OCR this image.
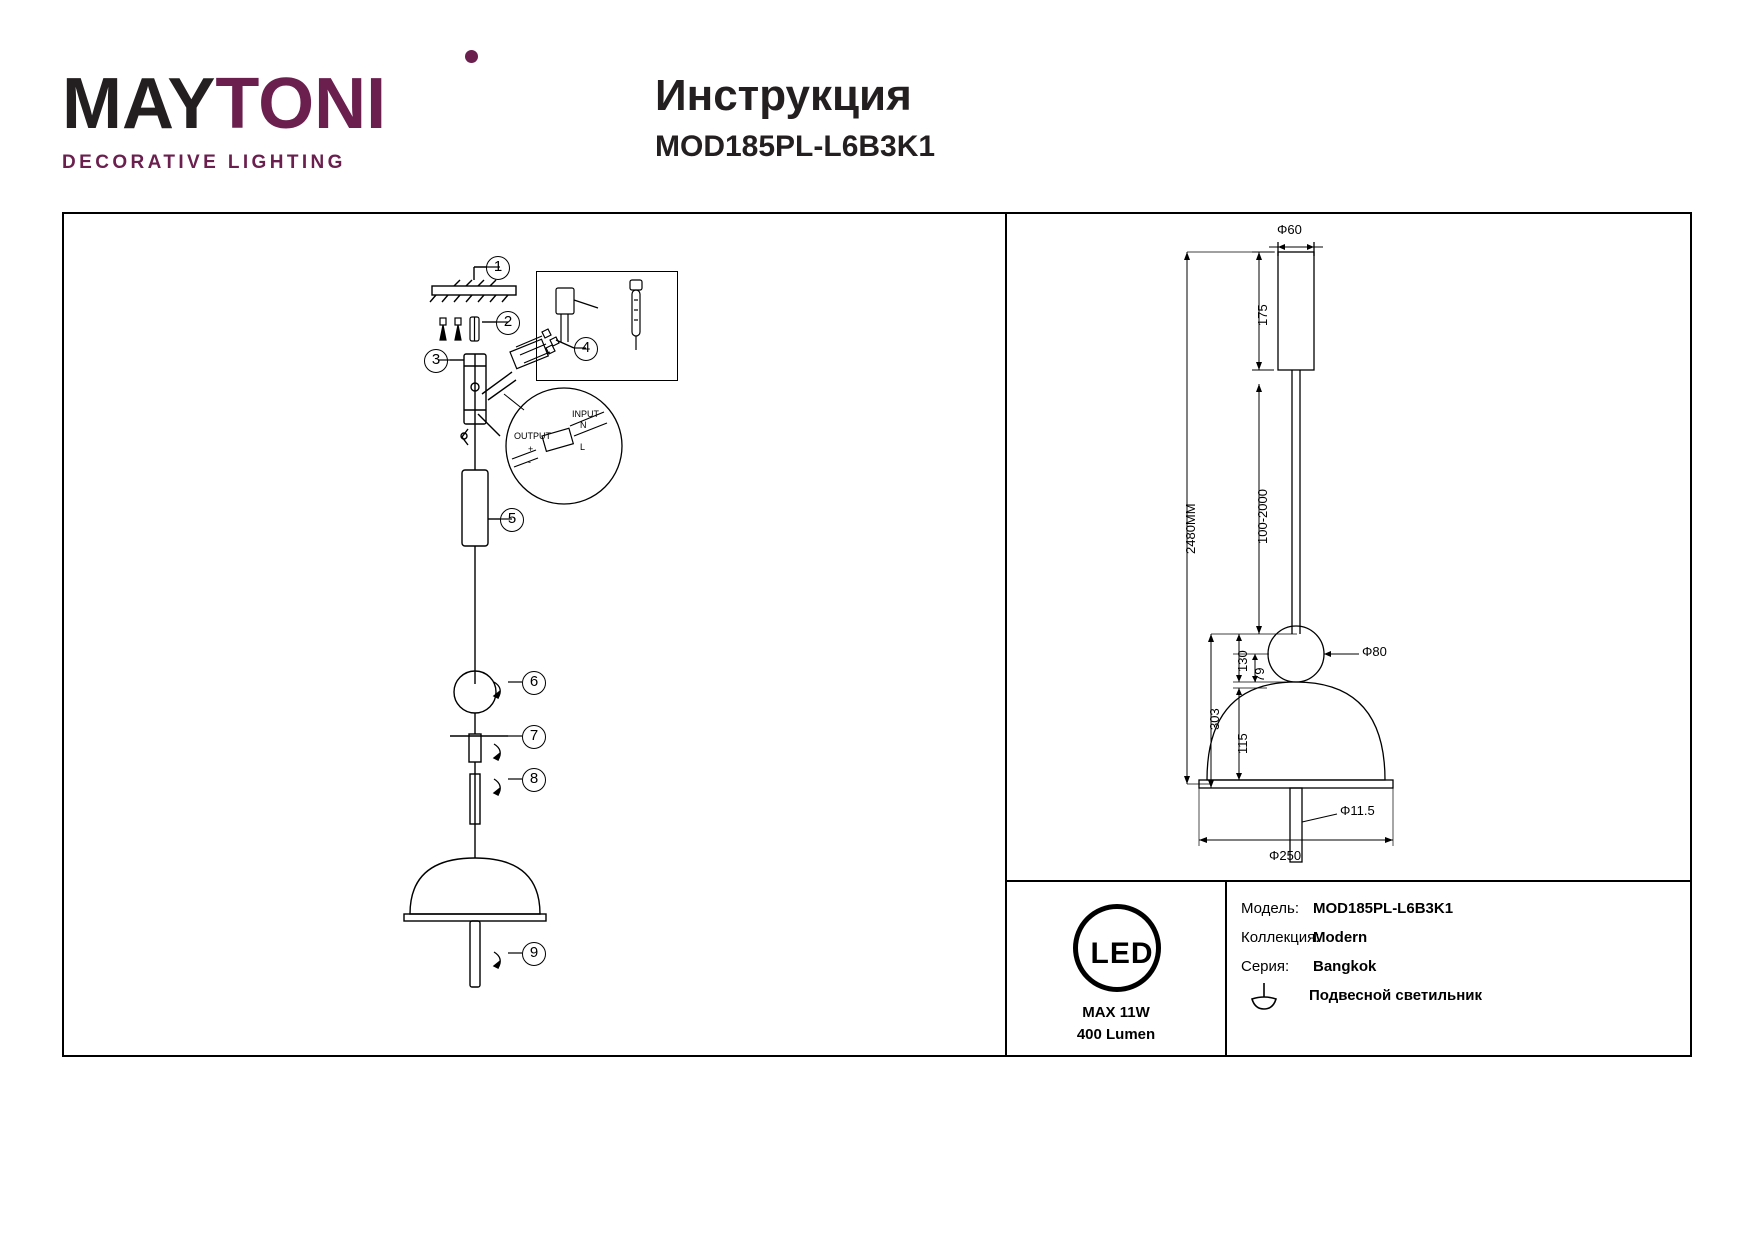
MAYTONI
DECORATIVE LIGHTING
Инструкция
MOD185PL-L6B3K1
1
2
3
4
5
6
7
8
9
INPUT
N
L
OUTPUT
+
-
Φ60
175
100-2000
2480MM
Φ80
303
130
79
115
Φ11.5
Φ250
LED
MAX 11W
400 Lumen
Модель: MOD185PL-L6B3K1
Коллекция:
Modern
Серия: Bangkok
Подвесной светильник
